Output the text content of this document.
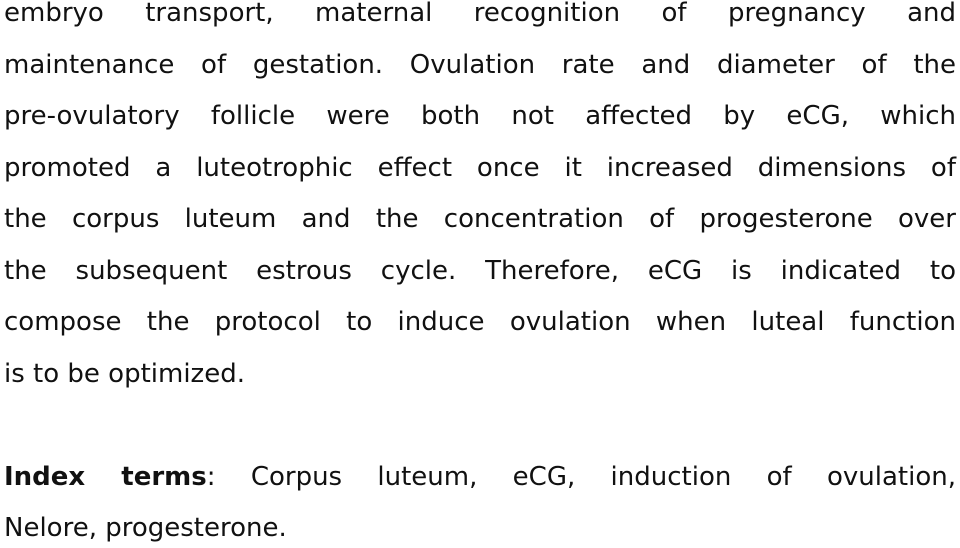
embryo transport, maternal recognition of pregnancy and
maintenance of gestation. Ovulation rate and diameter of the
pre-ovulatory follicle were both not affected by eCG, which
promoted a luteotrophic effect once it increased dimensions of
the corpus luteum and the concentration of progesterone over
the subsequent estrous cycle. Therefore, eCG is indicated to
compose the protocol to induce ovulation when luteal function
is to be optimized.
Index terms: Corpus luteum, eCG, induction of ovulation,
Nelore, progesterone.
